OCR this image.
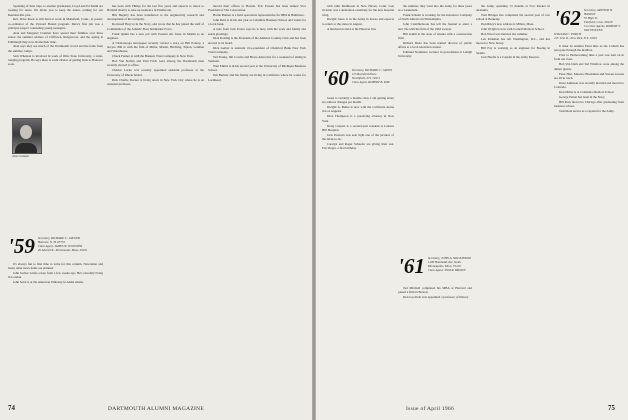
Speaking of June trips, to another graduation, Lloyd and Ed Smith are looking for news. We invite you to keep the letters coming for our Reunion this year.

Rev. Dave Rook is still hard at work in Mansfield, Conn., as pastor, co-ordinator of the Upward Bound program. Dave's first job was a principal project counseling young teenagers.

Alan and Margaret Cranmer have spread their families over three states: the summer address of Clifftown, Ridgewood, and the spring at Edinburgh they now divide their time.

Alan says they see much of the Dartmouth crowd and the folks from the summer camps.

Sam Wheaton is involved in work of Ohio State University, a wide-ranging program. He says there is scant chance of getting back to Hanover soon.

Alan Cranmer
'59 Secretary, RICHARD C. JAEGER
Hanover, N. H. 03755
Class Agent, JAMES W. WOOSTER
46 Allard Dr., Portsmouth, Mass. 01201

It's always fun to find time to write for this column. Newsletter and many other news items are planned.

John Gerber writes a note from a few weeks ago. He's currently living in London.

John Soltz is at the American Embassy in Addis Ababa.

has been with Philips for the last five years and expects to move to Holland shortly to take up residence in Eindhoven.

Bill Hegarty has been transferred to the engineering research and development of his company.

Rockwell Hoyt is in the Navy, and wrote that he has joined the staff of Commander of the Atlantic Fleet Submarine Force.

Frank Quinn has a new job with Eastern Air Lines in Miami as an engineer.

A Chattanooga newspaper recently carried a story on Bill Pottery, a lawyer. Bill is with the firm of Miller, Martin, Hitching, Tipton, Lenihan and Waterhouse.

Chuck Fenner is with the Bankers Trust Company in New York.

Bob Van Stelten and Paul Frick were among the Dartmouth men recently elected to office.

Charles Locke was recently appointed assistant professor at the University of Rhode Island.

Rick Charlie Docker is living down in New York City where he is an assistant professor.

moved their offices to Boston. Eric Feaster has been named Vice President of The Corporation.

Harlie Bunner is a field operations representative for IBM in Baltimore.

John Reid is in his last year at Columbia Business School and works for a local bank.

A note from Jack Foster says he is busy with his work and family and sends greetings.

Dick Keating is the President of the Amherst Country Club and has been elected to its board.

Dick Gerber is assistant vice-president of Chemical Bank New York Trust Company.

Ted Young, Jim Cowles and Bruce Ames met for a weekend of skiing in Vermont.

Walt Elkins is in his second year at the University of Michigan Business School.

Jim Burtner and his family are living in California where he works for Lockheed.

74	DARTMOUTH ALUMNI MAGAZINE

with Olin Mathieson in New Haven, Conn. Last October was a dedication ceremony for the new hospital wing.

Dwight Jones is in the Army in Korea and expects to return to the states in August.

A luncheon is held at the Hanover Inn.

'60 Secretary, RICHARD C. GROSS
155 Rochford Place
Strathfield, N.Y. 10471
Class Agent, ROBERT B. MAY

Guest is certainly a mobile class. I am getting about six address changes per month.

Dwight A. Burke is now with the California Arena in Los Angeles.

Dick Thompson is a practicing attorney in New York.

Doug Caspers is a second-year resident at Lennox Hill Hospital.

Jack Petersen was sent right one of the pictures of the bride-to-be.

Carolyn and Roger Schaefer are giving their son, Eric Roger, a first birthday.

the summer, they went into the Army for three years as a Lieutenant.

Frank Schultz is working for the Insurance Company of North America in Philadelphia.

John Cromblebrook has left the Journal to enter a new life with the firm of the 1963 awards.

Bill Gahm is the state of Alaska with a construction firm.

Richard Dietz has been named director of public affairs at a local television station.

Edmund Steinmetz, lecturer in government at Lehigh University.

'61 Secretary, JOHN A. MACKINNON
1400 Humboldt Ave. South
Minneapolis, Minn. 55410
Class Agent, TOM R. BROWN

Ted Mitchell completed his MBA at Harvard and joined a firm in Boston.

Don Goodwin was appointed a professor of history.

the Army, spending 13 months at Fort Rucker in Alabama.

Tom Bridges has completed his second year of law school at Berkeley.

Don Riley's new address is Milton, Mass.

John Wright is now with Cornell Medical School.

Bob Wood was married last summer.

Len Kirkman has left Washington, D.C., and has moved to New Jersey.

Bill Fay is working as an engineer for Boeing in Seattle.

Jack Hoefle is a Captain in the Army Reserve.

'62 Secretary, ARTHUR W. HASSON
55 High St.
Fairfield, Conn. 06430
Co-Class Agents, ROBERT V. VAN HOUTEN
WILLIAM C. PORCH
4 E. 91st St., New York, N.Y. 10021

It must be Alumni Fund time as the Collum has just gone through the mailbox.

Prior to Homecoming time a post was sent on in from our class.

Bob Van Dam and Ted Windlow were among the dinner guests.

Peter Hart, Maurice Blackburn and Steven Greene are all in town.

Dave Atkinson was recently married and moved to Colorado.

Don Miller is at Columbia Medical School.

George Patten has been in the Navy.

Bill Ross moved to Chicago after graduating from business school.

Todd Real serves as a captain for the Army.

Issue of April 1966	75
